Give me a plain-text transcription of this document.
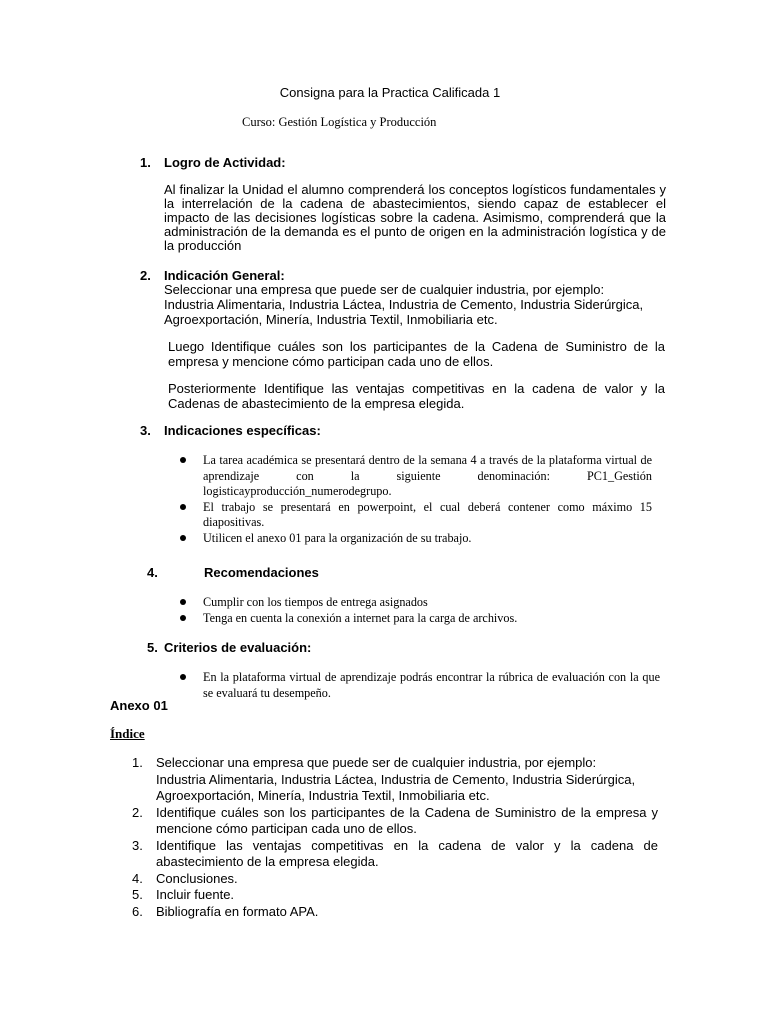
Consigna para la Practica Calificada 1

Curso: Gestión Logística y Producción

1. Logro de Actividad:

Al finalizar la Unidad el alumno comprenderá los conceptos logísticos fundamentales y la interrelación de la cadena de abastecimientos, siendo capaz de establecer el impacto de las decisiones logísticas sobre la cadena. Asimismo, comprenderá que la administración de la demanda es el punto de origen en la administración logística y de la producción

2. Indicación General:
Seleccionar una empresa que puede ser de cualquier industria, por ejemplo:
Industria Alimentaria, Industria Láctea, Industria de Cemento, Industria Siderúrgica,
Agroexportación, Minería, Industria Textil, Inmobiliaria etc.

Luego Identifique cuáles son los participantes de la Cadena de Suministro de la empresa y mencione cómo participan cada uno de ellos.

Posteriormente Identifique las ventajas competitivas en la cadena de valor y la Cadenas de abastecimiento de la empresa elegida.

3. Indicaciones específicas:
La tarea académica se presentará dentro de la semana 4 a través de la plataforma virtual de aprendizaje con la siguiente denominación: PC1_Gestión logisticayproducción_numerodegrupo.
El trabajo se presentará en powerpoint, el cual deberá contener como máximo 15 diapositivas.
Utilicen el anexo 01 para la organización de su trabajo.
4.	Recomendaciones
Cumplir con los tiempos de entrega asignados
Tenga en cuenta la conexión a internet para la carga de archivos.
5. Criterios de evaluación:
En la plataforma virtual de aprendizaje podrás encontrar la rúbrica de evaluación con la que se evaluará tu desempeño.

Anexo 01

Índice

1. Seleccionar una empresa que puede ser de cualquier industria, por ejemplo:
Industria Alimentaria, Industria Láctea, Industria de Cemento, Industria Siderúrgica,
Agroexportación, Minería, Industria Textil, Inmobiliaria etc.
2. Identifique cuáles son los participantes de la Cadena de Suministro de la empresa y mencione cómo participan cada uno de ellos.
3. Identifique las ventajas competitivas en la cadena de valor y la cadena de abastecimiento de la empresa elegida.
4. Conclusiones.
5. Incluir fuente.
6. Bibliografía en formato APA.
